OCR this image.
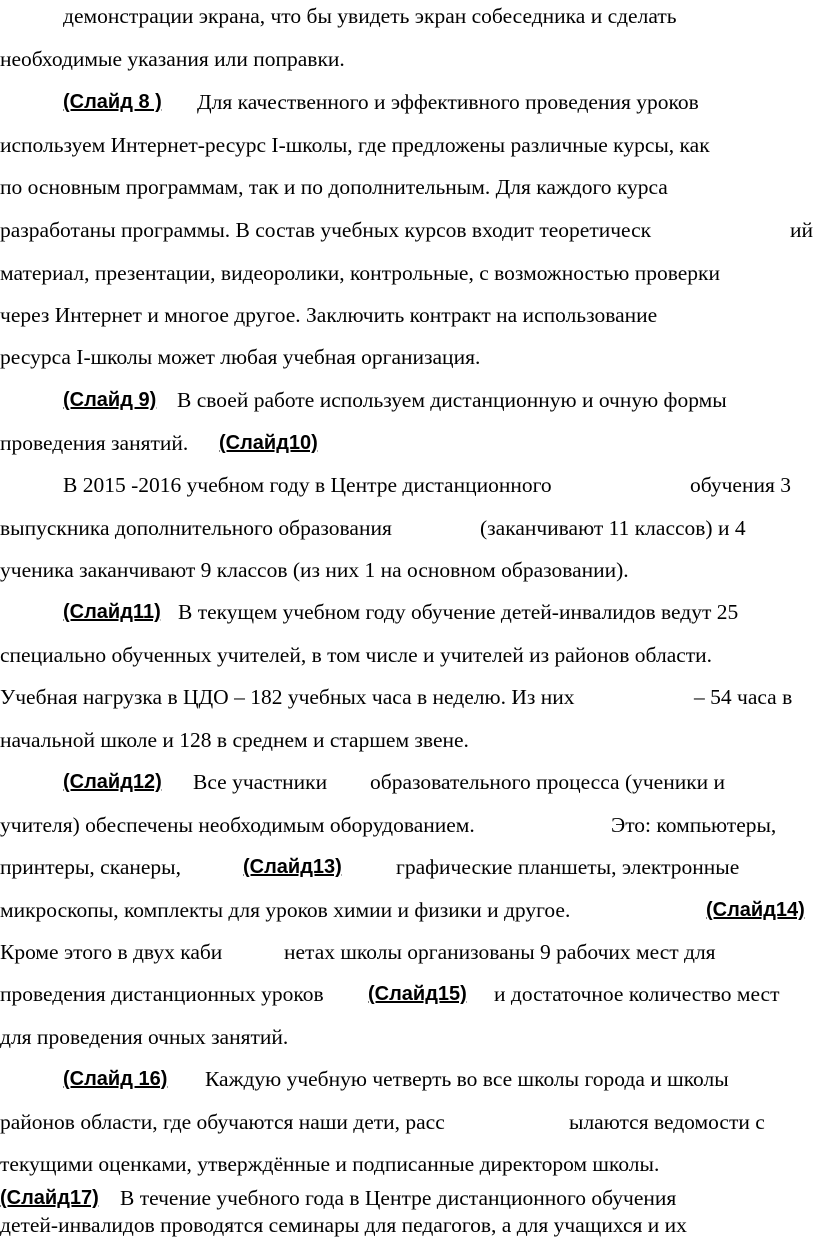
демонстрации экрана, что бы увидеть экран собеседника и сделать
необходимые указания или поправки.
(Слайд 8 ) Для качественного и эффективного проведения уроков
используем Интернет-ресурс I-школы, где предложены различные курсы, как
по основным программам, так и по дополнительным. Для каждого курса
разработаны программы. В состав учебных курсов входит теоретическ	ий
материал, презентации, видеоролики, контрольные, с возможностью проверки
через Интернет и многое другое. Заключить контракт на использование
ресурса I-школы может любая учебная организация.
(Слайд 9) В своей работе используем дистанционную и очную формы
проведения занятий. (Слайд10)
В 2015 -2016 учебном году в Центре дистанционного	обучения 3
выпускника дополнительного образования	(заканчивают 11 классов) и 4
ученика заканчивают 9 классов (из них 1 на основном образовании).
(Слайд11) В текущем учебном году обучение детей-инвалидов ведут 25
специально обученных учителей, в том числе и учителей из районов области.
Учебная нагрузка в ЦДО – 182 учебных часа в неделю. Из них	– 54 часа в
начальной школе и 128 в среднем и старшем звене.
(Слайд12) Все участники образовательного процесса (ученики и
учителя) обеспечены необходимым оборудованием.	Это: компьютеры,
принтеры, сканеры,	(Слайд13)	графические планшеты, электронные
микроскопы, комплекты для уроков химии и физики и другое.	(Слайд14)
Кроме этого в двух каби	нетах школы организованы 9 рабочих мест для
проведения дистанционных уроков (Слайд15) и достаточное количество мест
для проведения очных занятий.
(Слайд 16) Каждую учебную четверть во все школы города и школы
районов области, где обучаются наши дети, расс	ылаются ведомости с
текущими оценками, утверждённые и подписанные директором школы.
(Слайд17) В течение учебного года в Центре дистанционного обучения
детей-инвалидов проводятся семинары для педагогов, а для учащихся и их
